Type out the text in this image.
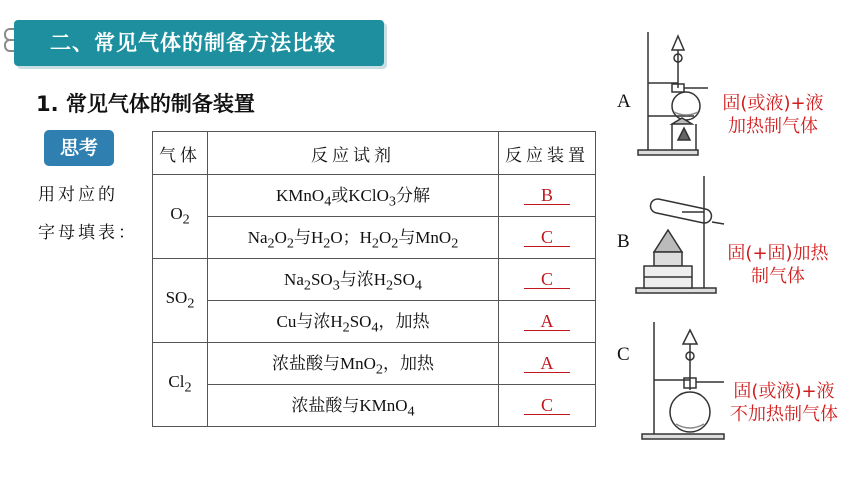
二、常见气体的制备方法比较
1. 常见气体的制备装置
思考
用对应的
字母填表：
气体	反应试剂	反应装置
$O_2$	KMnO$_4$或KClO$_3$分解	B
	$Na_2O_2$与$H_2O$；$H_2O_2$与MnO$_2$	C
$SO_2$	$Na_2SO_3$与浓$H_2SO_4$	C
	Cu与浓$H_2SO_4$，加热	A
$Cl_2$	浓盐酸与MnO$_2$，加热	A
	浓盐酸与KMnO$_4$	C
A	固(或液)+液
加热制气体
B
固(+固)加热
制气体
C
固(或液)+液
不加热制气体
